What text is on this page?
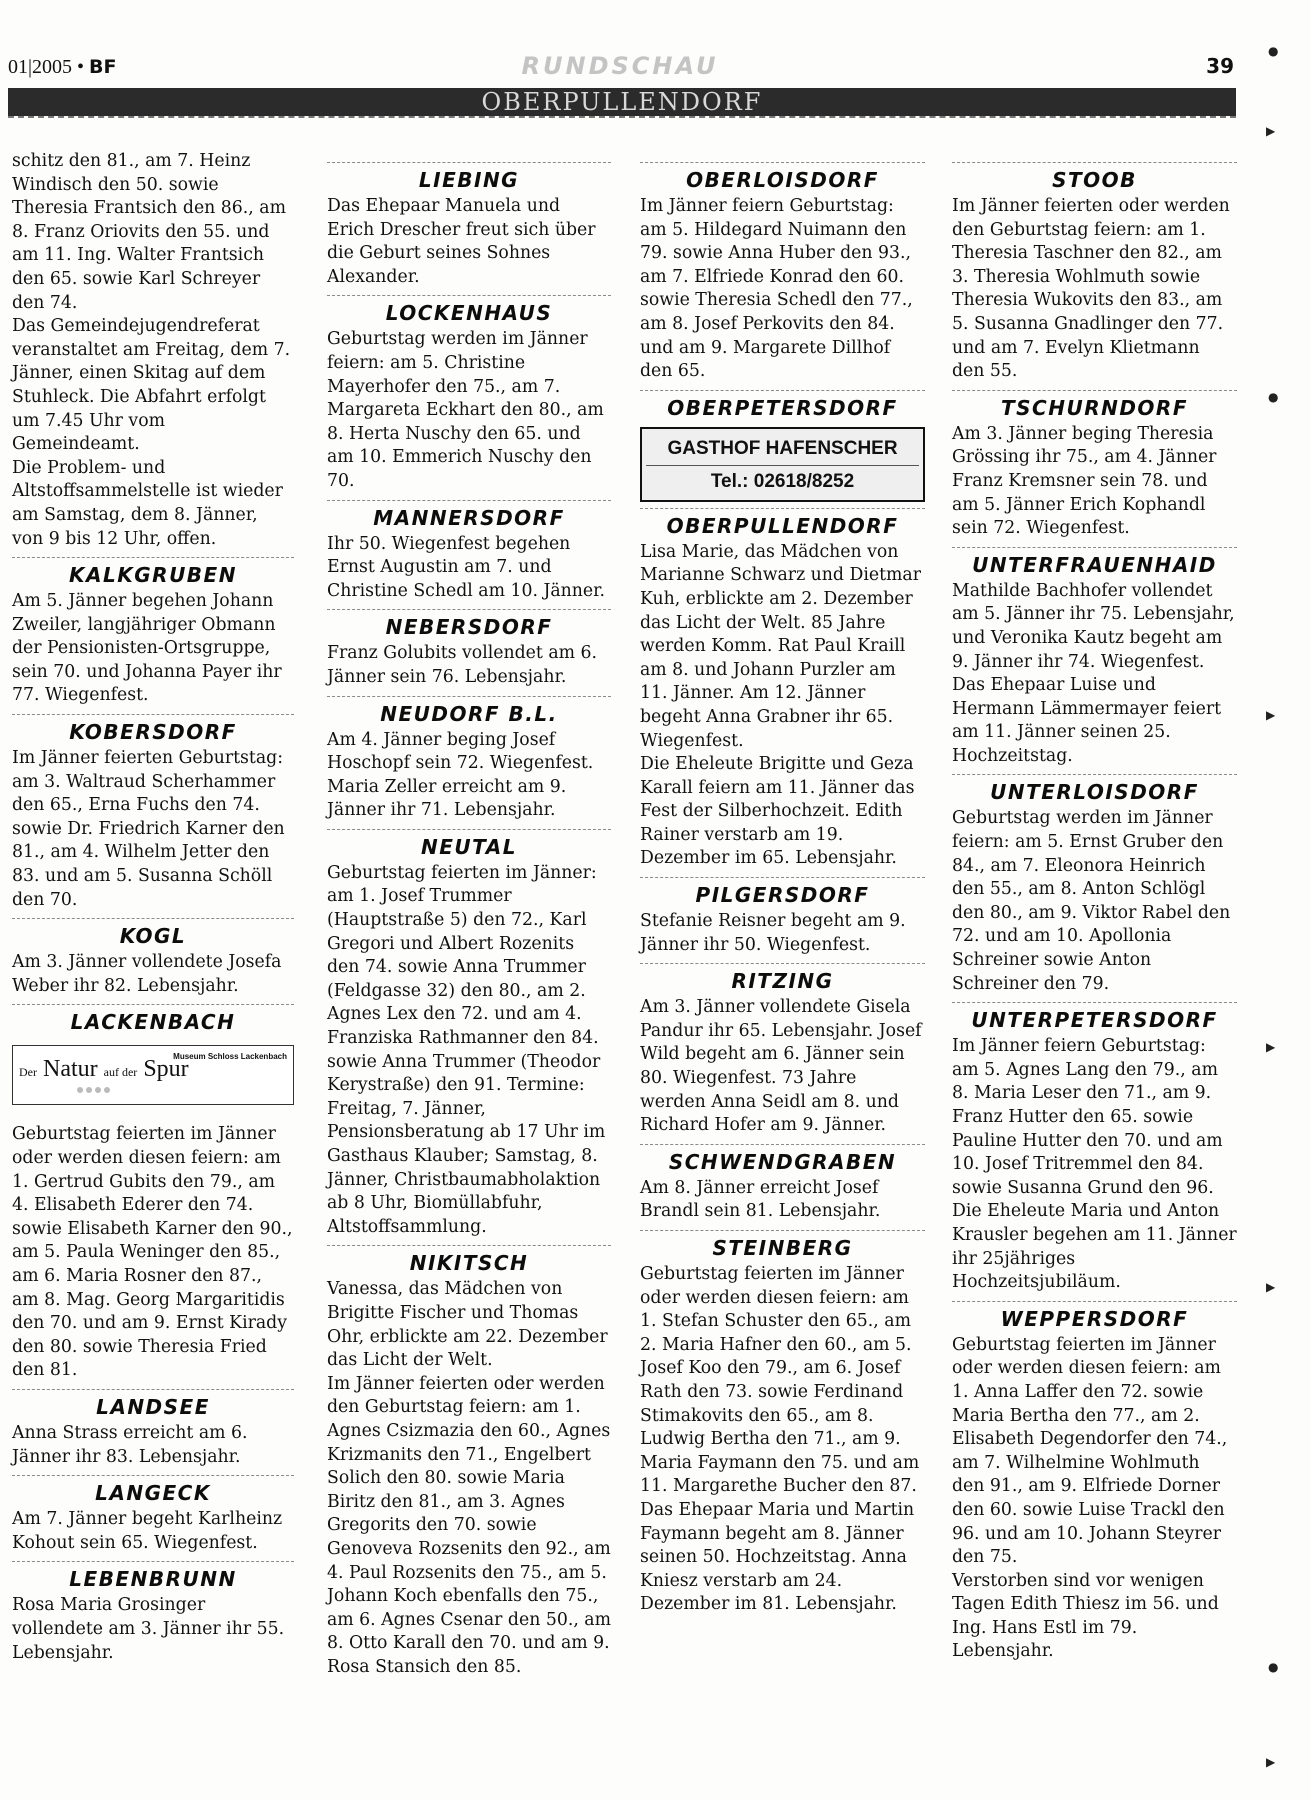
01|2005 • BF	RUNDSCHAU	39
OBERPULLENDORF

schitz den 81., am 7. Heinz Windisch den 50. sowie Theresia Frantsich den 86., am 8. Franz Oriovits den 55. und am 11. Ing. Walter Frantsich den 65. sowie Karl Schreyer den 74.

Das Gemeindejugendreferat veranstaltet am Freitag, dem 7. Jänner, einen Skitag auf dem Stuhleck. Die Abfahrt erfolgt um 7.45 Uhr vom Gemeindeamt.

Die Problem- und Altstoffsammelstelle ist wieder am Samstag, dem 8. Jänner, von 9 bis 12 Uhr, offen.

KALKGRUBEN

Am 5. Jänner begehen Johann Zweiler, langjähriger Obmann der Pensionisten-Ortsgruppe, sein 70. und Johanna Payer ihr 77. Wiegenfest.

KOBERSDORF

Im Jänner feierten Geburtstag: am 3. Waltraud Scherhammer den 65., Erna Fuchs den 74. sowie Dr. Friedrich Karner den 81., am 4. Wilhelm Jetter den 83. und am 5. Susanna Schöll den 70.

KOGL

Am 3. Jänner vollendete Josefa Weber ihr 82. Lebensjahr.

LACKENBACH
Der Natur auf der Spur
Museum Schloss Lackenbach

Geburtstag feierten im Jänner oder werden diesen feiern: am 1. Gertrud Gubits den 79., am 4. Elisabeth Ederer den 74. sowie Elisabeth Karner den 90., am 5. Paula Weninger den 85., am 6. Maria Rosner den 87., am 8. Mag. Georg Margaritidis den 70. und am 9. Ernst Kirady den 80. sowie Theresia Fried den 81.

LANDSEE

Anna Strass erreicht am 6. Jänner ihr 83. Lebensjahr.

LANGECK

Am 7. Jänner begeht Karlheinz Kohout sein 65. Wiegenfest.

LEBENBRUNN

Rosa Maria Grosinger vollendete am 3. Jänner ihr 55. Lebensjahr.

LIEBING

Das Ehepaar Manuela und Erich Drescher freut sich über die Geburt seines Sohnes Alexander.

LOCKENHAUS

Geburtstag werden im Jänner feiern: am 5. Christine Mayerhofer den 75., am 7. Margareta Eckhart den 80., am 8. Herta Nuschy den 65. und am 10. Emmerich Nuschy den 70.

MANNERSDORF

Ihr 50. Wiegenfest begehen Ernst Augustin am 7. und Christine Schedl am 10. Jänner.

NEBERSDORF

Franz Golubits vollendet am 6. Jänner sein 76. Lebensjahr.

NEUDORF B.L.

Am 4. Jänner beging Josef Hoschopf sein 72. Wiegenfest. Maria Zeller erreicht am 9. Jänner ihr 71. Lebensjahr.

NEUTAL

Geburtstag feierten im Jänner: am 1. Josef Trummer (Hauptstraße 5) den 72., Karl Gregori und Albert Rozenits den 74. sowie Anna Trummer (Feldgasse 32) den 80., am 2. Agnes Lex den 72. und am 4. Franziska Rathmanner den 84. sowie Anna Trummer (Theodor Kerystraße) den 91. Termine: Freitag, 7. Jänner, Pensionsberatung ab 17 Uhr im Gasthaus Klauber; Samstag, 8. Jänner, Christbaumabholaktion ab 8 Uhr, Biomüllabfuhr, Altstoffsammlung.

NIKITSCH

Vanessa, das Mädchen von Brigitte Fischer und Thomas Ohr, erblickte am 22. Dezember das Licht der Welt.

Im Jänner feierten oder werden den Geburtstag feiern: am 1. Agnes Csizmazia den 60., Agnes Krizmanits den 71., Engelbert Solich den 80. sowie Maria Biritz den 81., am 3. Agnes Gregorits den 70. sowie Genoveva Rozsenits den 92., am 4. Paul Rozsenits den 75., am 5. Johann Koch ebenfalls den 75., am 6. Agnes Csenar den 50., am 8. Otto Karall den 70. und am 9. Rosa Stansich den 85.

OBERLOISDORF

Im Jänner feiern Geburtstag: am 5. Hildegard Nuimann den 79. sowie Anna Huber den 93., am 7. Elfriede Konrad den 60. sowie Theresia Schedl den 77., am 8. Josef Perkovits den 84. und am 9. Margarete Dillhof den 65.

OBERPETERSDORF
GASTHOF HAFENSCHER
Tel.: 02618/8252
OBERPULLENDORF

Lisa Marie, das Mädchen von Marianne Schwarz und Dietmar Kuh, erblickte am 2. Dezember das Licht der Welt. 85 Jahre werden Komm. Rat Paul Kraill am 8. und Johann Purzler am 11. Jänner. Am 12. Jänner begeht Anna Grabner ihr 65. Wiegenfest.

Die Eheleute Brigitte und Geza Karall feiern am 11. Jänner das Fest der Silberhochzeit. Edith Rainer verstarb am 19. Dezember im 65. Lebensjahr.

PILGERSDORF

Stefanie Reisner begeht am 9. Jänner ihr 50. Wiegenfest.

RITZING

Am 3. Jänner vollendete Gisela Pandur ihr 65. Lebensjahr. Josef Wild begeht am 6. Jänner sein 80. Wiegenfest. 73 Jahre werden Anna Seidl am 8. und Richard Hofer am 9. Jänner.

SCHWENDGRABEN

Am 8. Jänner erreicht Josef Brandl sein 81. Lebensjahr.

STEINBERG

Geburtstag feierten im Jänner oder werden diesen feiern: am 1. Stefan Schuster den 65., am 2. Maria Hafner den 60., am 5. Josef Koo den 79., am 6. Josef Rath den 73. sowie Ferdinand Stimakovits den 65., am 8. Ludwig Bertha den 71., am 9. Maria Faymann den 75. und am 11. Margarethe Bucher den 87.

Das Ehepaar Maria und Martin Faymann begeht am 8. Jänner seinen 50. Hochzeitstag. Anna Kniesz verstarb am 24. Dezember im 81. Lebensjahr.

STOOB

Im Jänner feierten oder werden den Geburtstag feiern: am 1. Theresia Taschner den 82., am 3. Theresia Wohlmuth sowie Theresia Wukovits den 83., am 5. Susanna Gnadlinger den 77. und am 7. Evelyn Klietmann den 55.

TSCHURNDORF

Am 3. Jänner beging Theresia Grössing ihr 75., am 4. Jänner Franz Kremsner sein 78. und am 5. Jänner Erich Kophandl sein 72. Wiegenfest.

UNTERFRAUENHAID

Mathilde Bachhofer vollendet am 5. Jänner ihr 75. Lebensjahr, und Veronika Kautz begeht am 9. Jänner ihr 74. Wiegenfest.

Das Ehepaar Luise und Hermann Lämmermayer feiert am 11. Jänner seinen 25. Hochzeitstag.

UNTERLOISDORF

Geburtstag werden im Jänner feiern: am 5. Ernst Gruber den 84., am 7. Eleonora Heinrich den 55., am 8. Anton Schlögl den 80., am 9. Viktor Rabel den 72. und am 10. Apollonia Schreiner sowie Anton Schreiner den 79.

UNTERPETERSDORF

Im Jänner feiern Geburtstag: am 5. Agnes Lang den 79., am 8. Maria Leser den 71., am 9. Franz Hutter den 65. sowie Pauline Hutter den 70. und am 10. Josef Tritremmel den 84. sowie Susanna Grund den 96. Die Eheleute Maria und Anton Krausler begehen am 11. Jänner ihr 25jähriges Hochzeitsjubiläum.

WEPPERSDORF

Geburtstag feierten im Jänner oder werden diesen feiern: am 1. Anna Laffer den 72. sowie Maria Bertha den 77., am 2. Elisabeth Degendorfer den 74., am 7. Wilhelmine Wohlmuth den 91., am 9. Elfriede Dorner den 60. sowie Luise Trackl den 96. und am 10. Johann Steyrer den 75.

Verstorben sind vor wenigen Tagen Edith Thiesz im 56. und Ing. Hans Estl im 79. Lebensjahr.

●
▶
●
▶
▶
▶
●
▶
